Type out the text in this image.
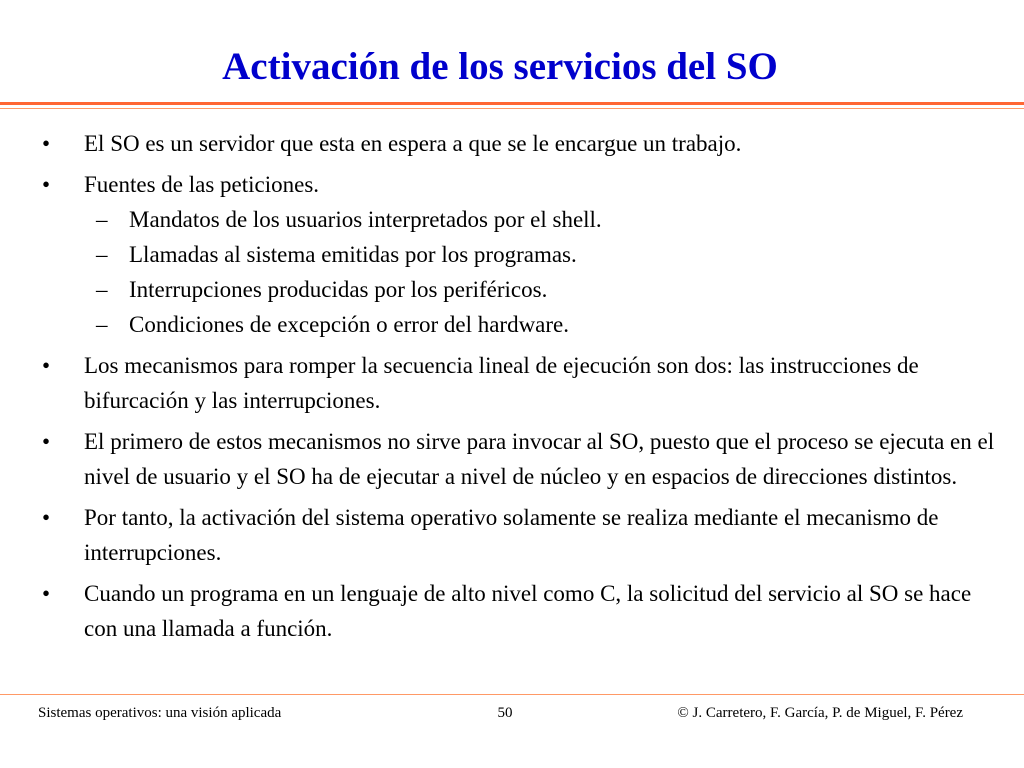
Activación de los servicios del SO
• El SO es un servidor que esta en espera a que se le encargue un trabajo.
• Fuentes de las peticiones.
– Mandatos de los usuarios interpretados por el shell.
– Llamadas al sistema emitidas por los programas.
– Interrupciones producidas por los periféricos.
– Condiciones de excepción o error del hardware.
• Los mecanismos para romper la secuencia lineal de ejecución son dos: las instrucciones de bifurcación y las interrupciones.
• El primero de estos mecanismos no sirve para invocar al SO, puesto que el proceso se ejecuta en el nivel de usuario y el SO ha de ejecutar a nivel de núcleo y en espacios de direcciones distintos.
• Por tanto, la activación del sistema operativo solamente se realiza mediante el mecanismo de interrupciones.
• Cuando un programa en un lenguaje de alto nivel como C, la solicitud del servicio al SO se hace con una llamada a función.
Sistemas operativos: una visión aplicada	50	© J. Carretero, F. García, P. de Miguel, F. Pérez
